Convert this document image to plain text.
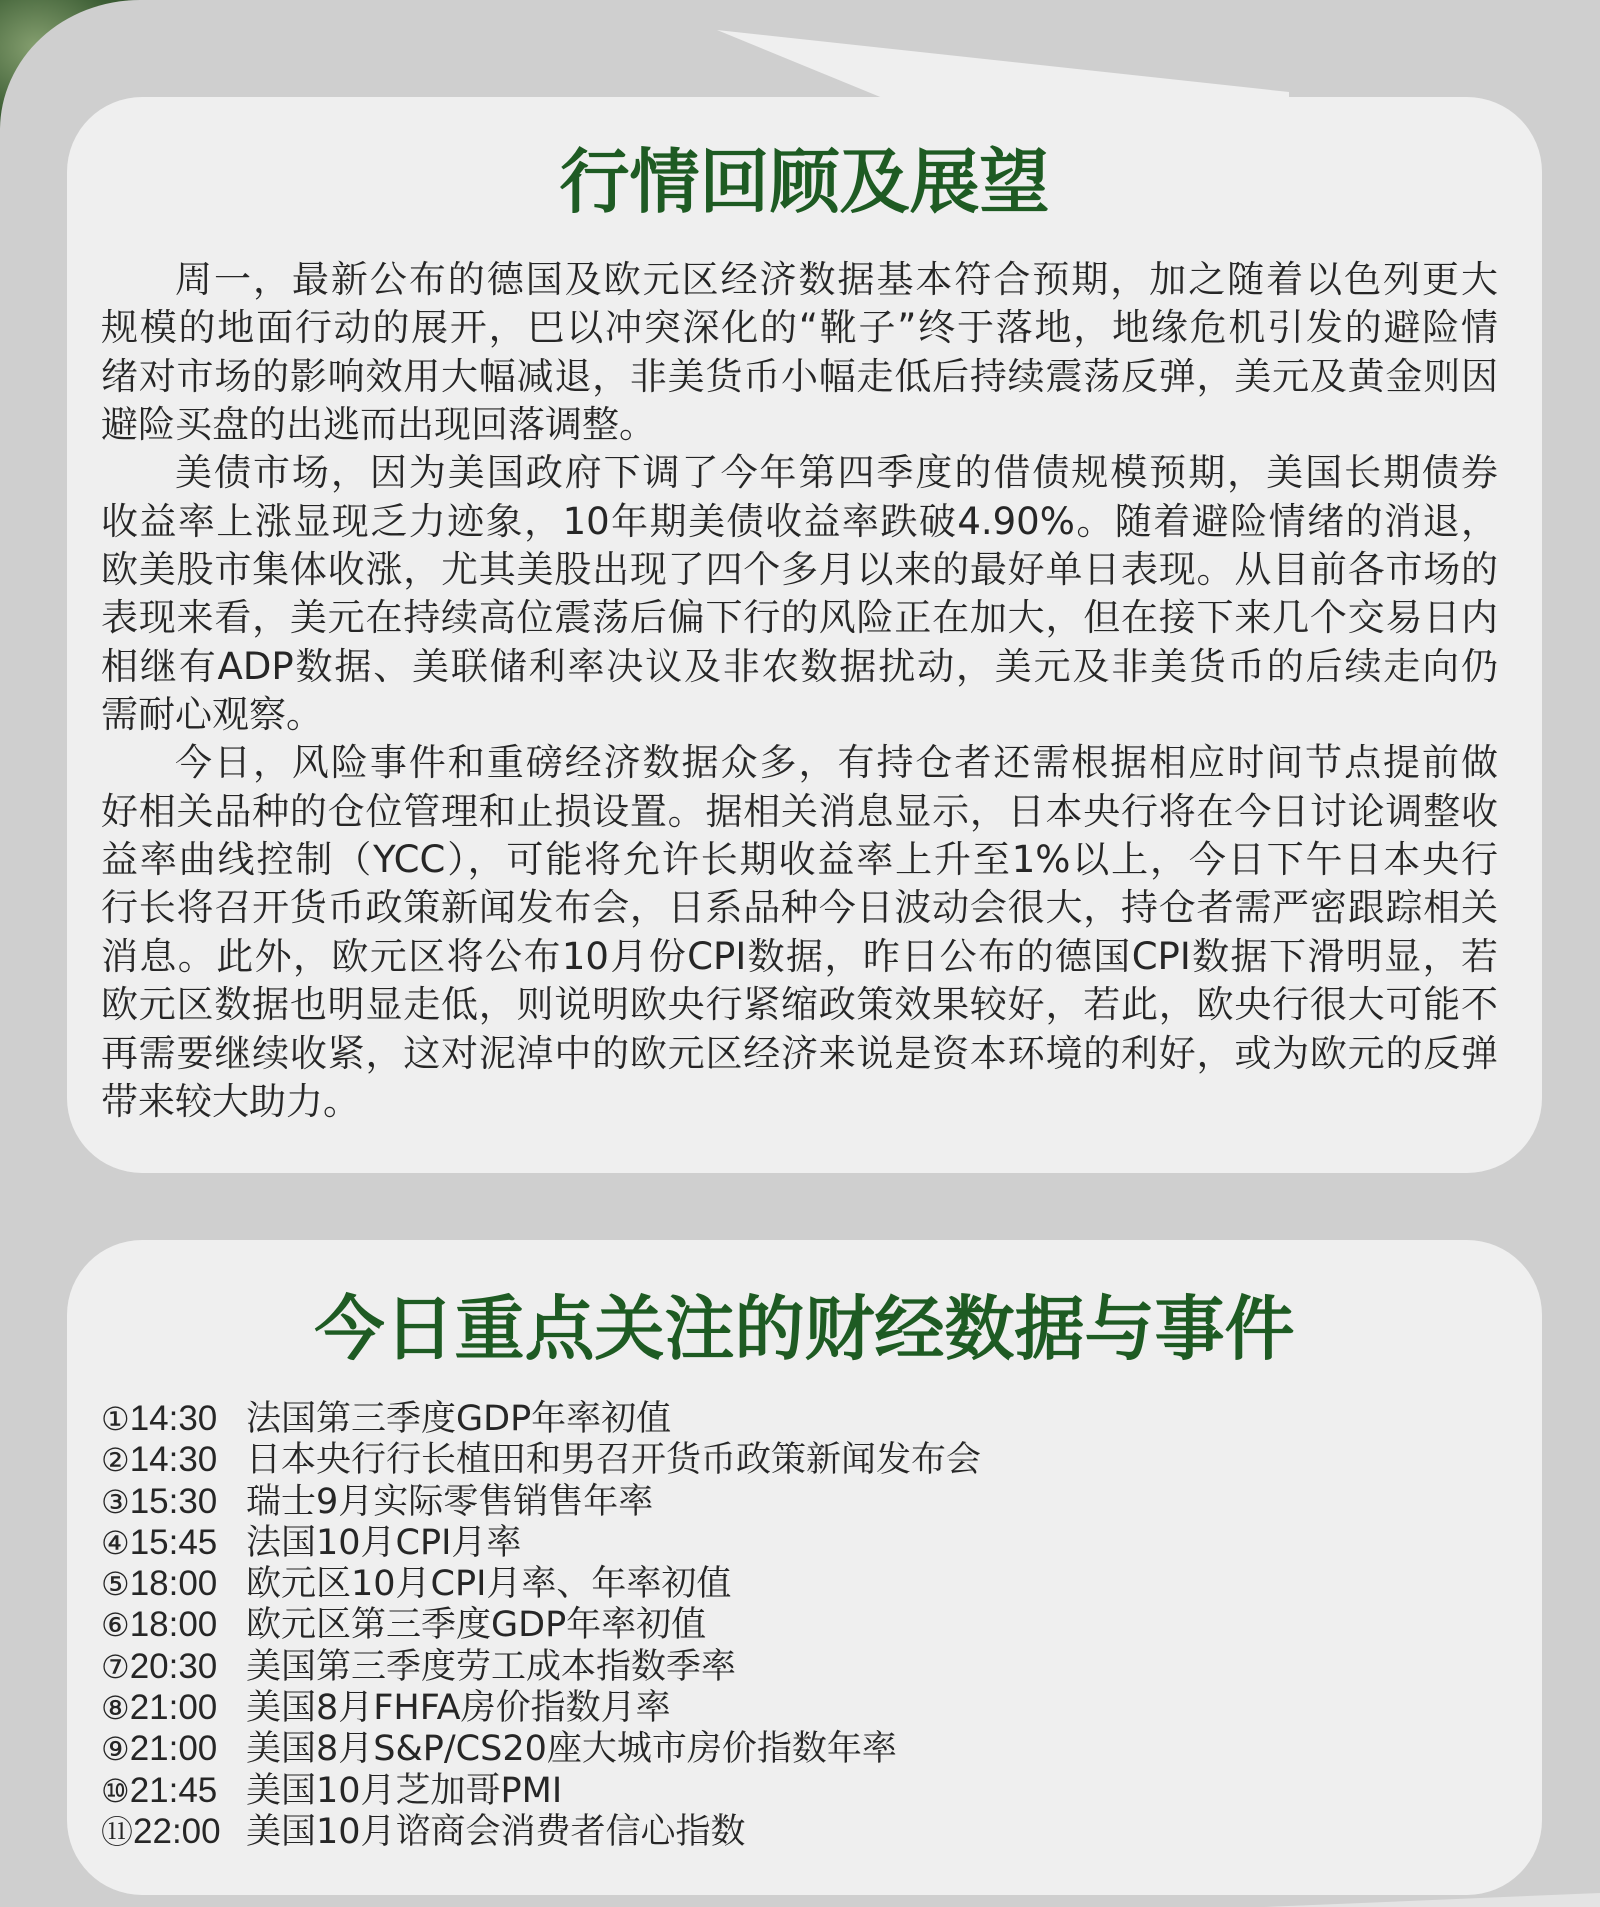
行情回顾及展望
周一，最新公布的德国及欧元区经济数据基本符合预期，加之随着以色列更大
规模的地面行动的展开，巴以冲突深化的“靴子”终于落地，地缘危机引发的避险情
绪对市场的影响效用大幅减退，非美货币小幅走低后持续震荡反弹，美元及黄金则因
避险买盘的出逃而出现回落调整。
美债市场，因为美国政府下调了今年第四季度的借债规模预期，美国长期债券
收益率上涨显现乏力迹象，10年期美债收益率跌破4.90%。随着避险情绪的消退，
欧美股市集体收涨，尤其美股出现了四个多月以来的最好单日表现。从目前各市场的
表现来看，美元在持续高位震荡后偏下行的风险正在加大，但在接下来几个交易日内
相继有ADP数据、美联储利率决议及非农数据扰动，美元及非美货币的后续走向仍
需耐心观察。
今日，风险事件和重磅经济数据众多，有持仓者还需根据相应时间节点提前做
好相关品种的仓位管理和止损设置。据相关消息显示，日本央行将在今日讨论调整收
益率曲线控制（YCC），可能将允许长期收益率上升至1%以上，今日下午日本央行
行长将召开货币政策新闻发布会，日系品种今日波动会很大，持仓者需严密跟踪相关
消息。此外，欧元区将公布10月份CPI数据，昨日公布的德国CPI数据下滑明显，若
欧元区数据也明显走低，则说明欧央行紧缩政策效果较好，若此，欧央行很大可能不
再需要继续收紧，这对泥淖中的欧元区经济来说是资本环境的利好，或为欧元的反弹
带来较大助力。
今日重点关注的财经数据与事件
①14:30 法国第三季度GDP年率初值
②14:30 日本央行行长植田和男召开货币政策新闻发布会
③15:30 瑞士9月实际零售销售年率
④15:45 法国10月CPI月率
⑤18:00 欧元区10月CPI月率、年率初值
⑥18:00 欧元区第三季度GDP年率初值
⑦20:30 美国第三季度劳工成本指数季率
⑧21:00 美国8月FHFA房价指数月率
⑨21:00 美国8月S&P/CS20座大城市房价指数年率
⑩21:45 美国10月芝加哥PMI
⑪22:00 美国10月谘商会消费者信心指数
